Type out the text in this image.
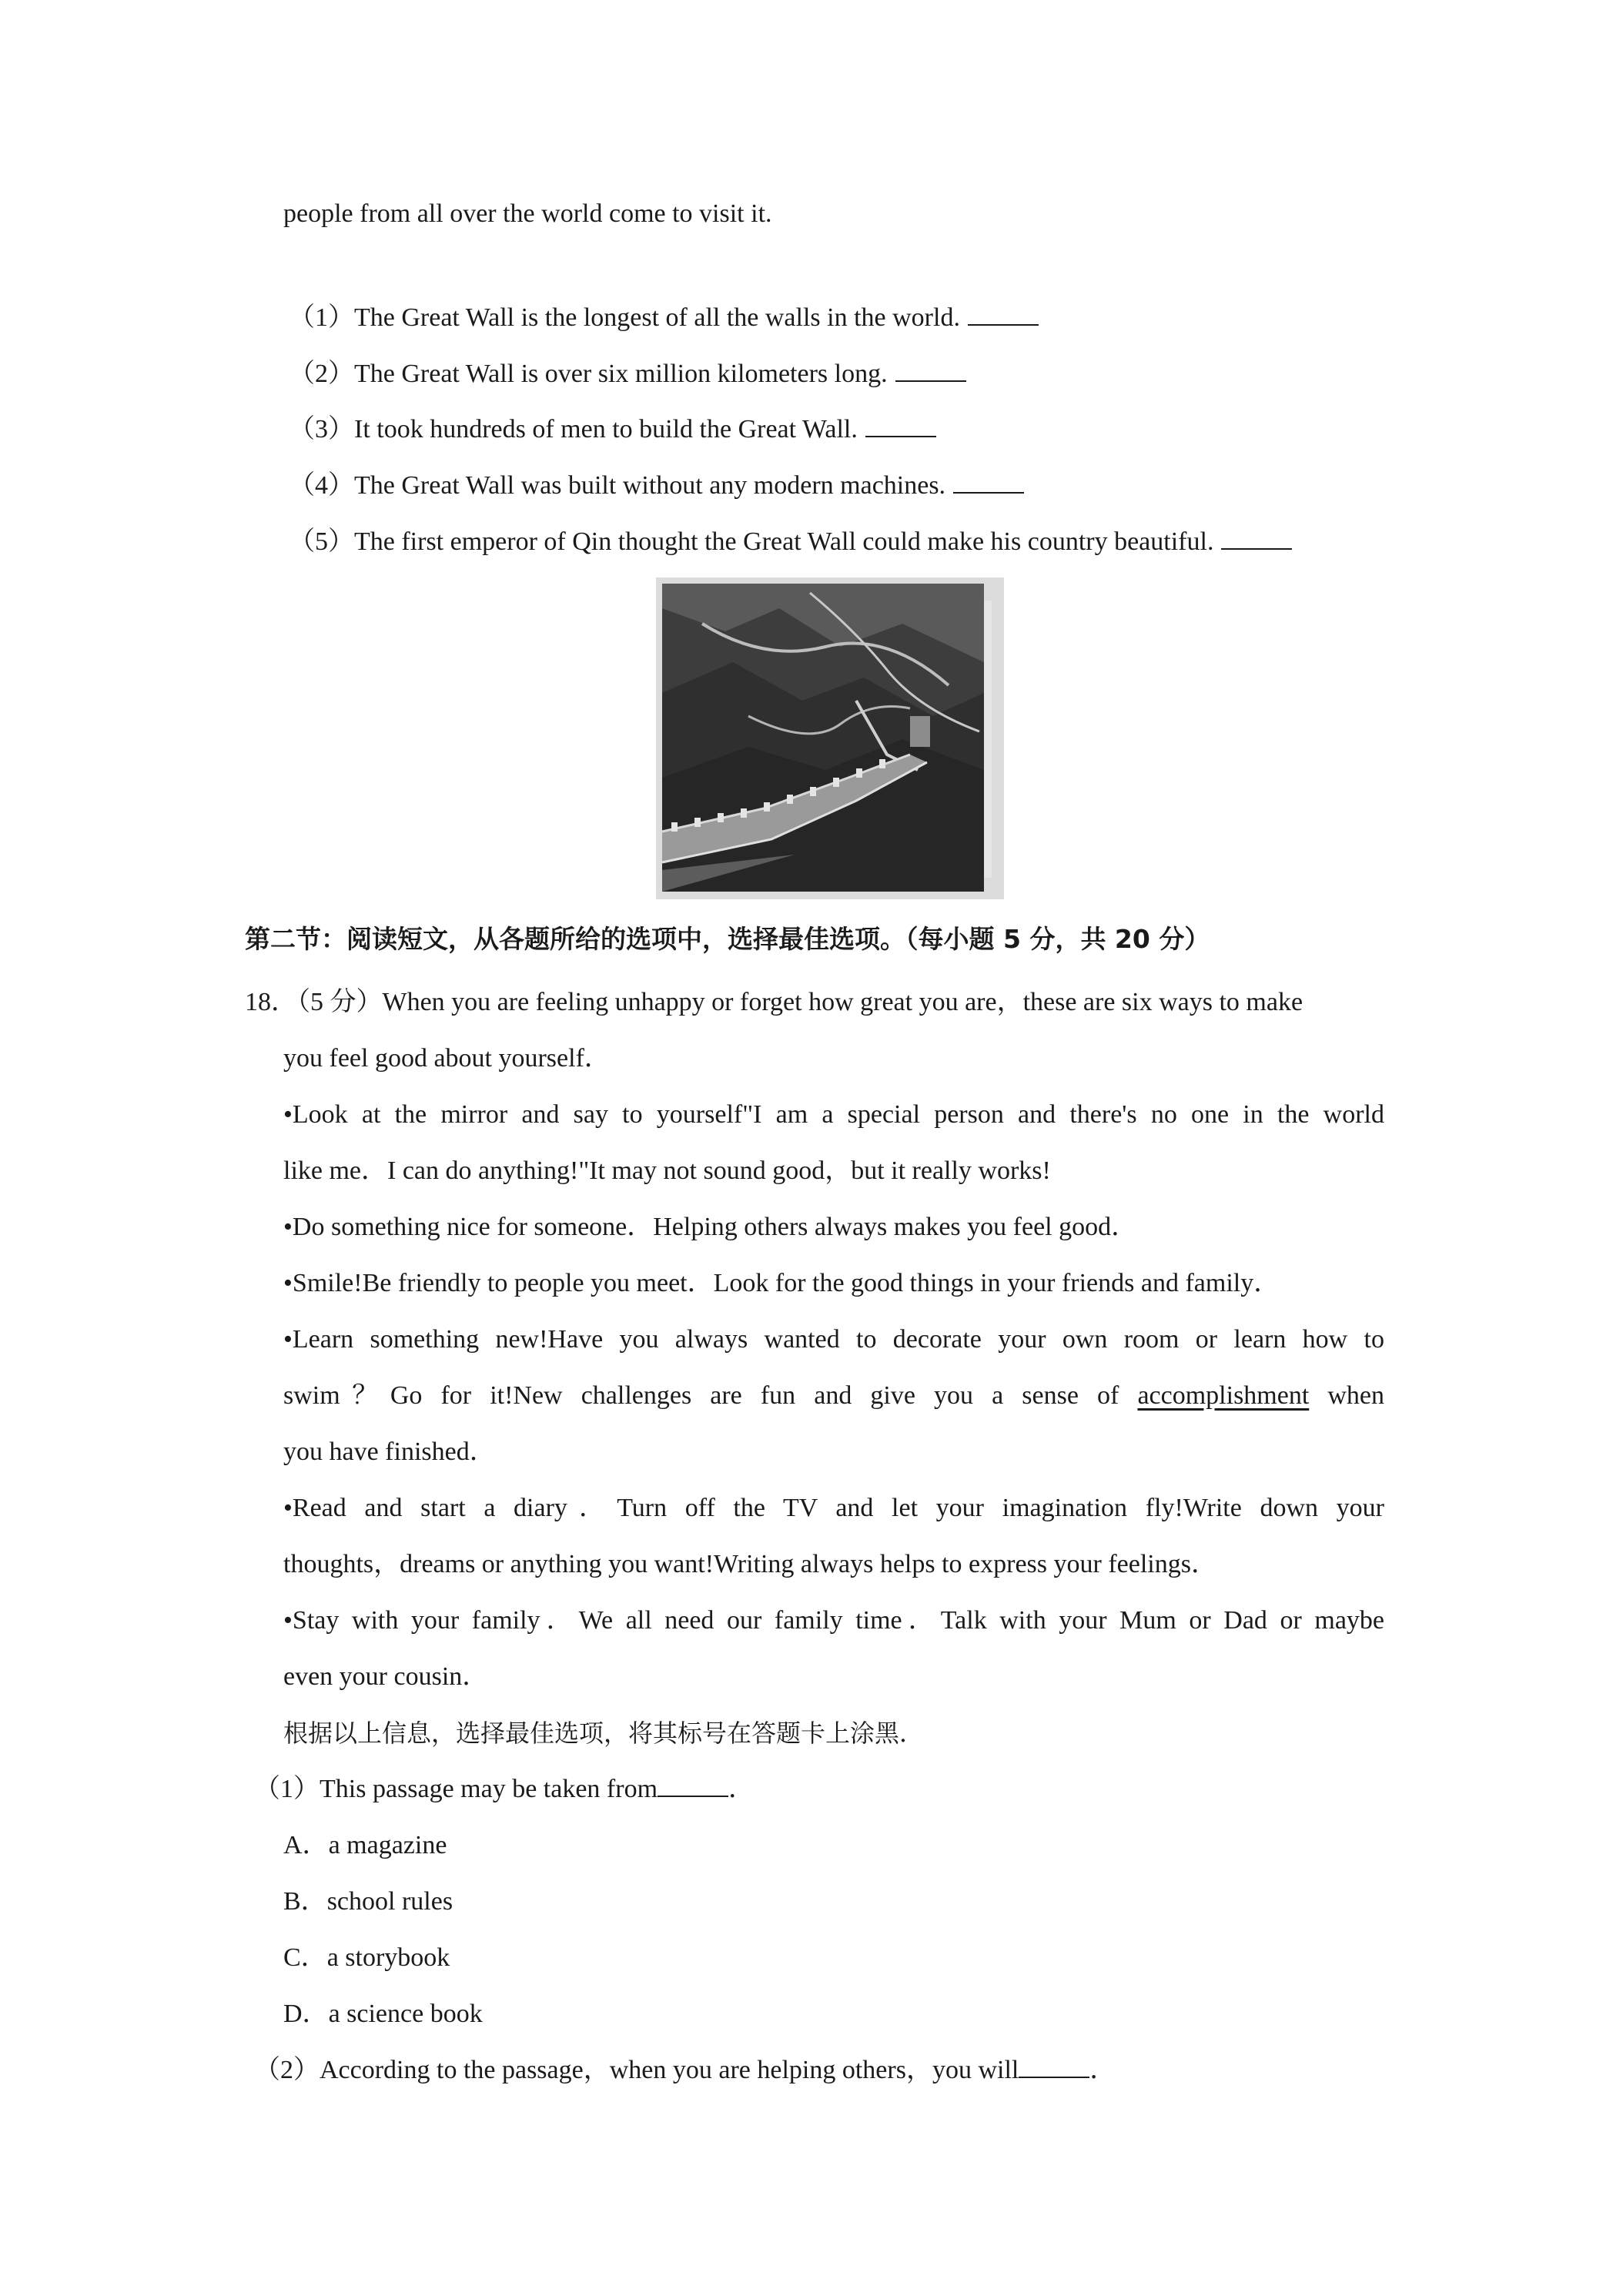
people from all over the world come to visit it.
（1）The Great Wall is the longest of all the walls in the world.
（2）The Great Wall is over six million kilometers long.
（3）It took hundreds of men to build the Great Wall.
（4）The Great Wall was built without any modern machines.
（5）The first emperor of Qin thought the Great Wall could make his country beautiful.
第二节：阅读短文，从各题所给的选项中，选择最佳选项。（每小题 5 分，共 20 分）
18．（5 分）When you are feeling unhappy or forget how great you are，these are six ways to make
you feel good about yourself．
•Look at the mirror and say to yourself"I am a special person and there's no one in the world
like me．I can do anything!"It may not sound good，but it really works!
•Do something nice for someone．Helping others always makes you feel good．
•Smile!Be friendly to people you meet．Look for the good things in your friends and family．
•Learn something new!Have you always wanted to decorate your own room or learn how to
swim？Go for it!New challenges are fun and give you a sense of accomplishment when
you have finished．
•Read and start a diary．Turn off the TV and let your imagination fly!Write down your
thoughts，dreams or anything you want!Writing always helps to express your feelings．
•Stay with your family．We all need our family time．Talk with your Mum or Dad or maybe
even your cousin．
根据以上信息，选择最佳选项，将其标号在答题卡上涂黑．
（1）This passage may be taken from	．
A．a magazine
B．school rules
C．a storybook
D．a science book
（2）According to the passage，when you are helping others，you will	．
